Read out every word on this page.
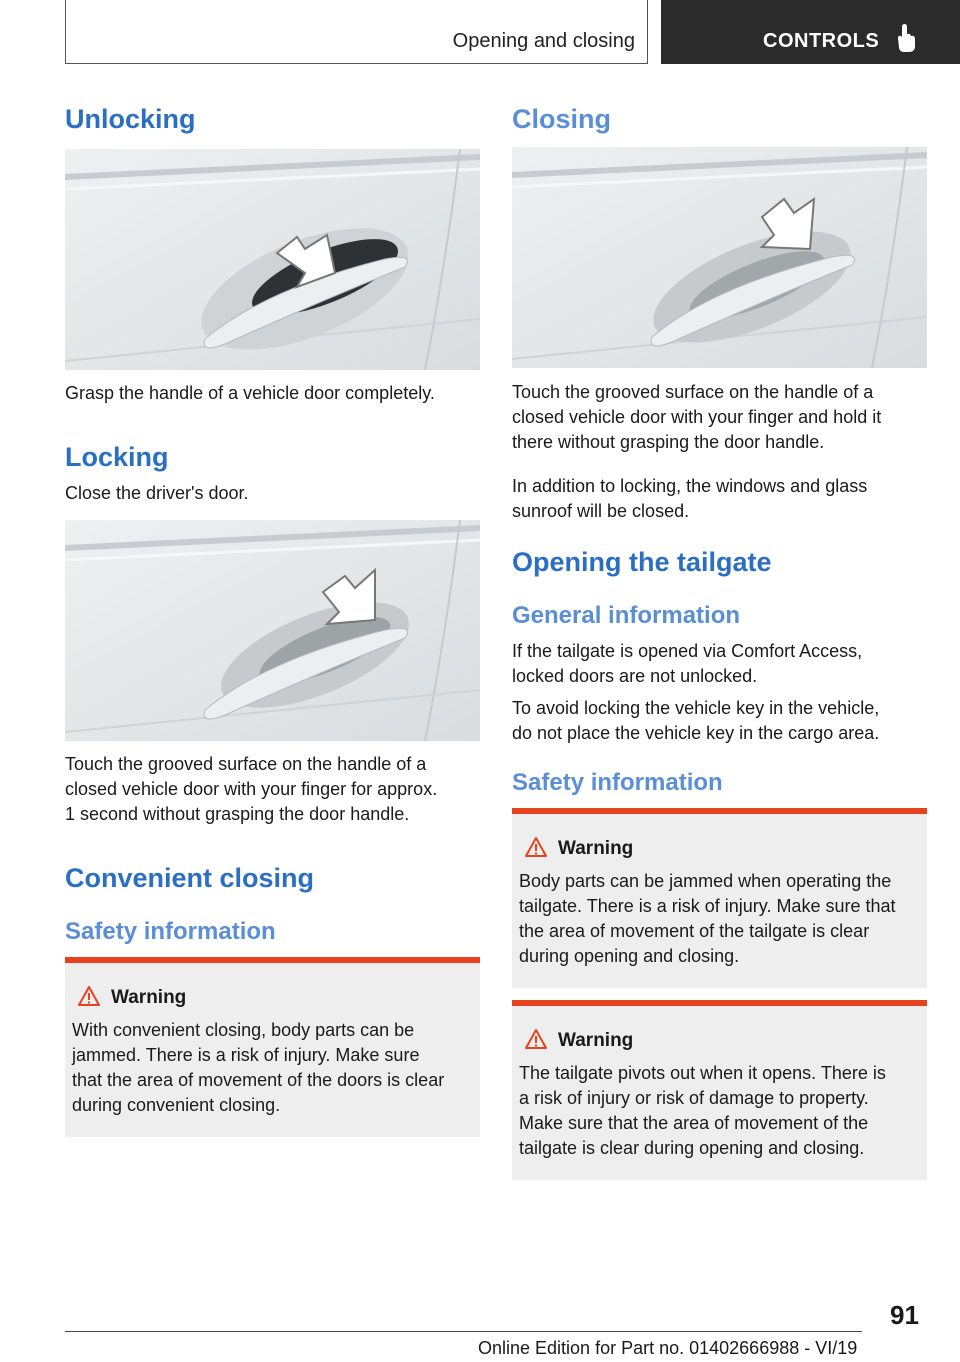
Opening and closing	CONTROLS
Unlocking
Grasp the handle of a vehicle door completely.
Locking
Close the driver's door.
Touch the grooved surface on the handle of a
closed vehicle door with your finger for approx.
1 second without grasping the door handle.
Convenient closing
Safety information
Warning
With convenient closing, body parts can be
jammed. There is a risk of injury. Make sure
that the area of movement of the doors is clear
during convenient closing.
Closing
Touch the grooved surface on the handle of a
closed vehicle door with your finger and hold it
there without grasping the door handle.
In addition to locking, the windows and glass
sunroof will be closed.
Opening the tailgate
General information
If the tailgate is opened via Comfort Access,
locked doors are not unlocked.
To avoid locking the vehicle key in the vehicle,
do not place the vehicle key in the cargo area.
Safety information
Warning
Body parts can be jammed when operating the
tailgate. There is a risk of injury. Make sure that
the area of movement of the tailgate is clear
during opening and closing.
Warning
The tailgate pivots out when it opens. There is
a risk of injury or risk of damage to property.
Make sure that the area of movement of the
tailgate is clear during opening and closing.
91
Online Edition for Part no. 01402666988 - VI/19
